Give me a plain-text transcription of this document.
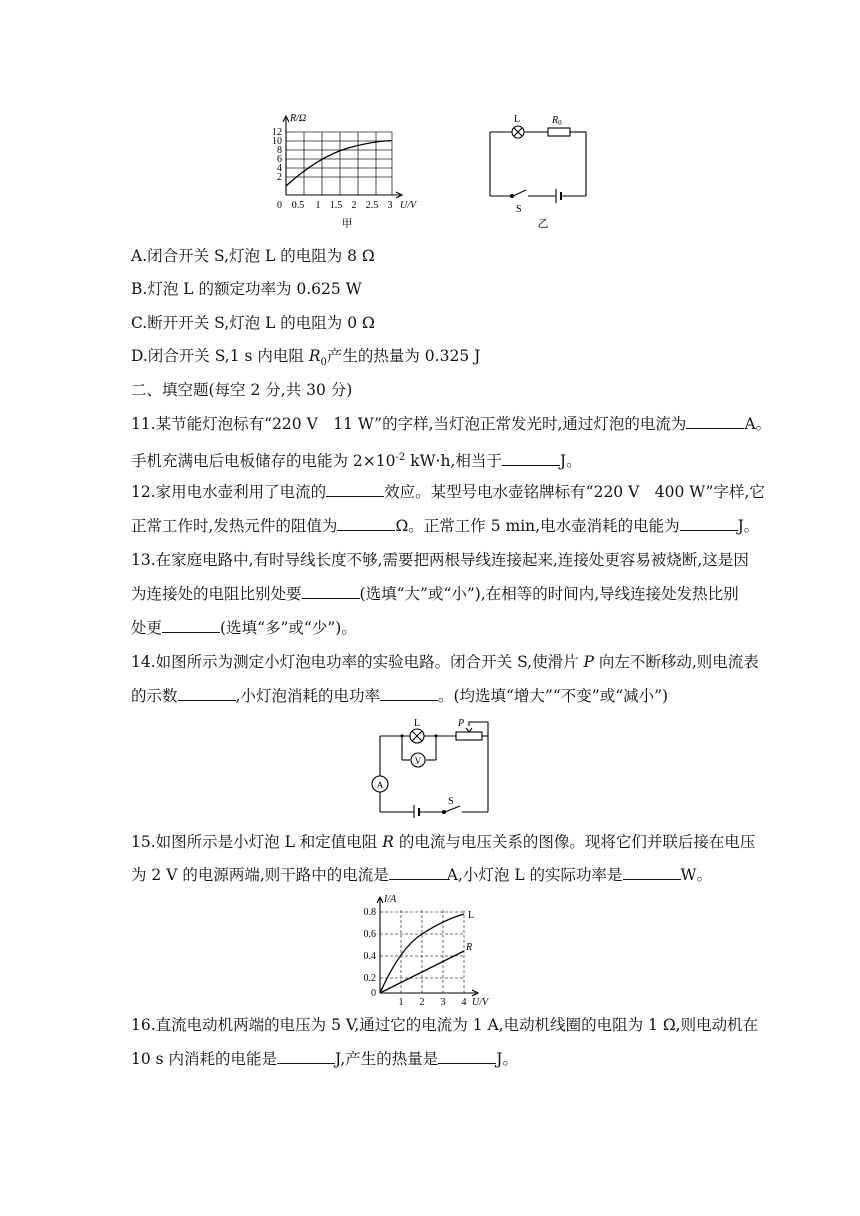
R/Ω
12
10
8
6
4
2
0 0.5 1 1.5 2 2.5 3 U/V
甲
L	$R_0$
S
乙
A.闭合开关 S,灯泡 L 的电阻为 8 Ω
B.灯泡 L 的额定功率为 0.625 W
C.断开开关 S,灯泡 L 的电阻为 0 Ω
D.闭合开关 S,1 s 内电阻 $R_0$产生的热量为 0.325 J
二、填空题(每空 2 分,共 30 分)
11.某节能灯泡标有“220 V　11 W”的字样,当灯泡正常发光时,通过灯泡的电流为	A。
手机充满电后电板储存的电能为 $2\times 10^{-2}$ kW·h,相当于	J。
12.家用电水壶利用了电流的	效应。某型号电水壶铭牌标有“220 V　400 W”字样,它
正常工作时,发热元件的阻值为	Ω。正常工作 5 min,电水壶消耗的电能为	J。
13.在家庭电路中,有时导线长度不够,需要把两根导线连接起来,连接处更容易被烧断,这是因
为连接处的电阻比别处要	(选填“大”或“小”),在相等的时间内,导线连接处发热比别
处更	(选填“多”或“少”)。
14.如图所示为测定小灯泡电功率的实验电路。闭合开关 S,使滑片 P 向左不断移动,则电流表
的示数	,小灯泡消耗的电功率	。(均选填“增大”“不变”或“减小”)
L	P
V
A
S
15.如图所示是小灯泡 L 和定值电阻 R 的电流与电压关系的图像。现将它们并联后接在电压
为 2 V 的电源两端,则干路中的电流是	A,小灯泡 L 的实际功率是	W。
I/A
0.8
0.6
0.4
0.2
0
1 2 3 4 U/V
L
R
16.直流电动机两端的电压为 5 V,通过它的电流为 1 A,电动机线圈的电阻为 1 Ω,则电动机在
10 s 内消耗的电能是	J,产生的热量是	J。
